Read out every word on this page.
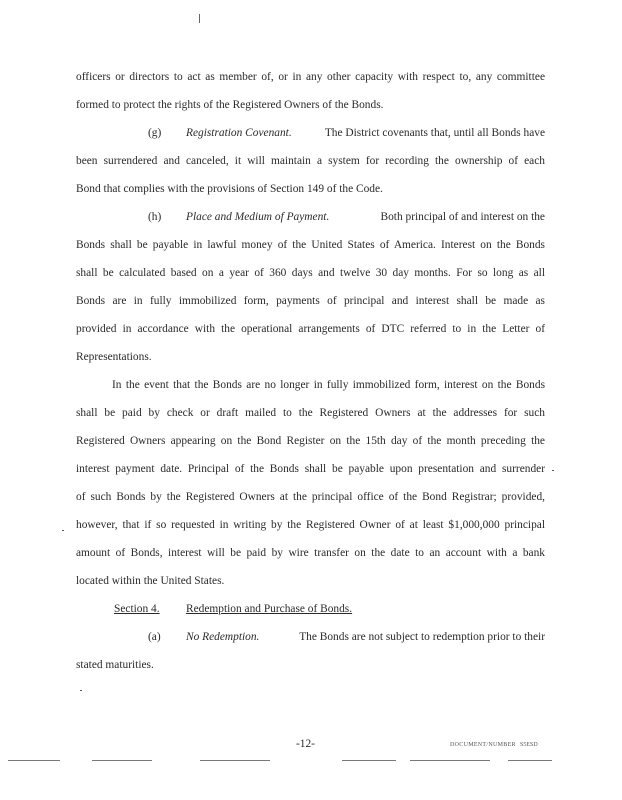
officers or directors to act as member of, or in any other capacity with respect to, any committee
formed to protect the rights of the Registered Owners of the Bonds.
(g) Registration Covenant.	The District covenants that, until all Bonds have
been surrendered and canceled, it will maintain a system for recording the ownership of each
Bond that complies with the provisions of Section 149 of the Code.
(h) Place and Medium of Payment.	Both principal of and interest on the
Bonds shall be payable in lawful money of the United States of America. Interest on the Bonds
shall be calculated based on a year of 360 days and twelve 30 day months. For so long as all
Bonds are in fully immobilized form, payments of principal and interest shall be made as
provided in accordance with the operational arrangements of DTC referred to in the Letter of
Representations.
In the event that the Bonds are no longer in fully immobilized form, interest on the Bonds
shall be paid by check or draft mailed to the Registered Owners at the addresses for such
Registered Owners appearing on the Bond Register on the 15th day of the month preceding the
interest payment date. Principal of the Bonds shall be payable upon presentation and surrender
of such Bonds by the Registered Owners at the principal office of the Bond Registrar; provided,
however, that if so requested in writing by the Registered Owner of at least $1,000,000 principal
amount of Bonds, interest will be paid by wire transfer on the date to an account with a bank
located within the United States.
Section 4. Redemption and Purchase of Bonds.
(a) No Redemption.	The Bonds are not subject to redemption prior to their
stated maturities.
-12-	DOCUMENT/NUMBER S5ESD
